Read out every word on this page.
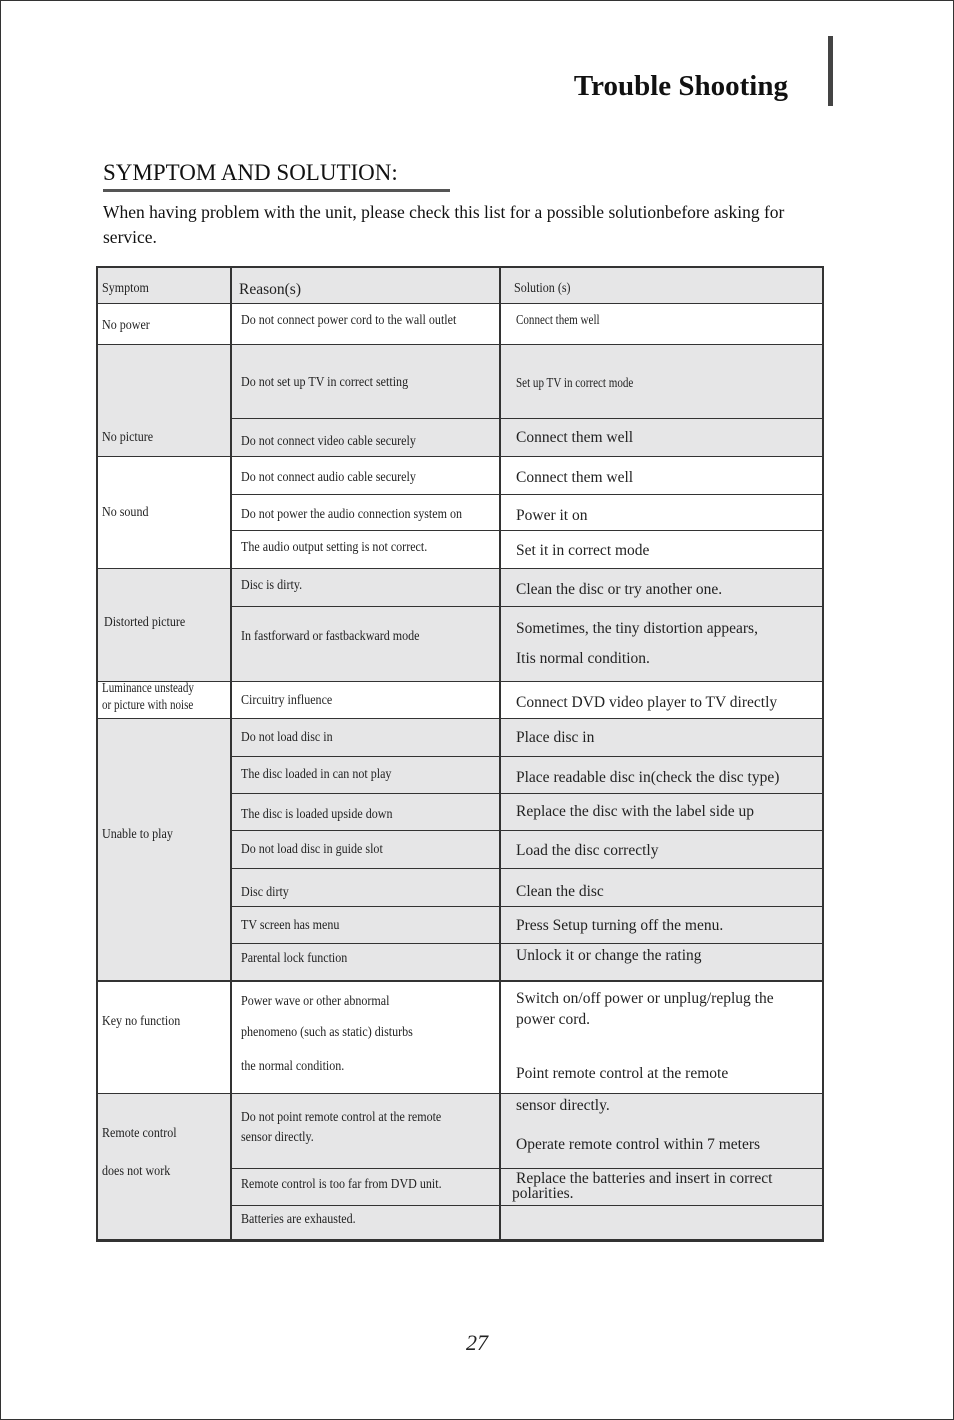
Trouble Shooting
SYMPTOM AND SOLUTION:
When having problem with the unit, please check this list for a possible solutionbefore asking for service.
Symptom	Reason(s)	Solution (s)
No power
No picture
No sound
Distorted picture
Luminance unsteady
or picture with noise
Unable to play
Key no function
Remote control
does not work
Do not connect power cord to the wall outlet
Do not set up TV in correct setting
Do not connect video cable securely
Do not connect audio cable securely
Do not power the audio connection system on
The audio output setting is not correct.
Disc is dirty.
In fastforward or fastbackward mode
Circuitry influence
Do not load disc in
The disc loaded in can not play
The disc is loaded upside down
Do not load disc in guide slot
Disc dirty
TV screen has menu
Parental lock function
Power wave or other abnormal
phenomeno (such as static) disturbs
the normal condition.
Do not point remote control at the remote
sensor directly.
Remote control is too far from DVD unit.
Batteries are exhausted.
Connect them well
Set up TV in correct mode
Connect them well
Connect them well
Power it on
Set it in correct mode
Clean the disc or try another one.
Sometimes, the tiny distortion appears,
Itis normal condition.
Connect DVD video player to TV directly
Place disc in
Place readable disc in(check the disc type)
Replace the disc with the label side up
Load the disc correctly
Clean the disc
Press Setup turning off the menu.
Unlock it or change the rating
Switch on/off power or unplug/replug the
power cord.
Point remote control at the remote
sensor directly.
Operate remote control within 7 meters
Replace the batteries and insert in correct
polarities.
27
